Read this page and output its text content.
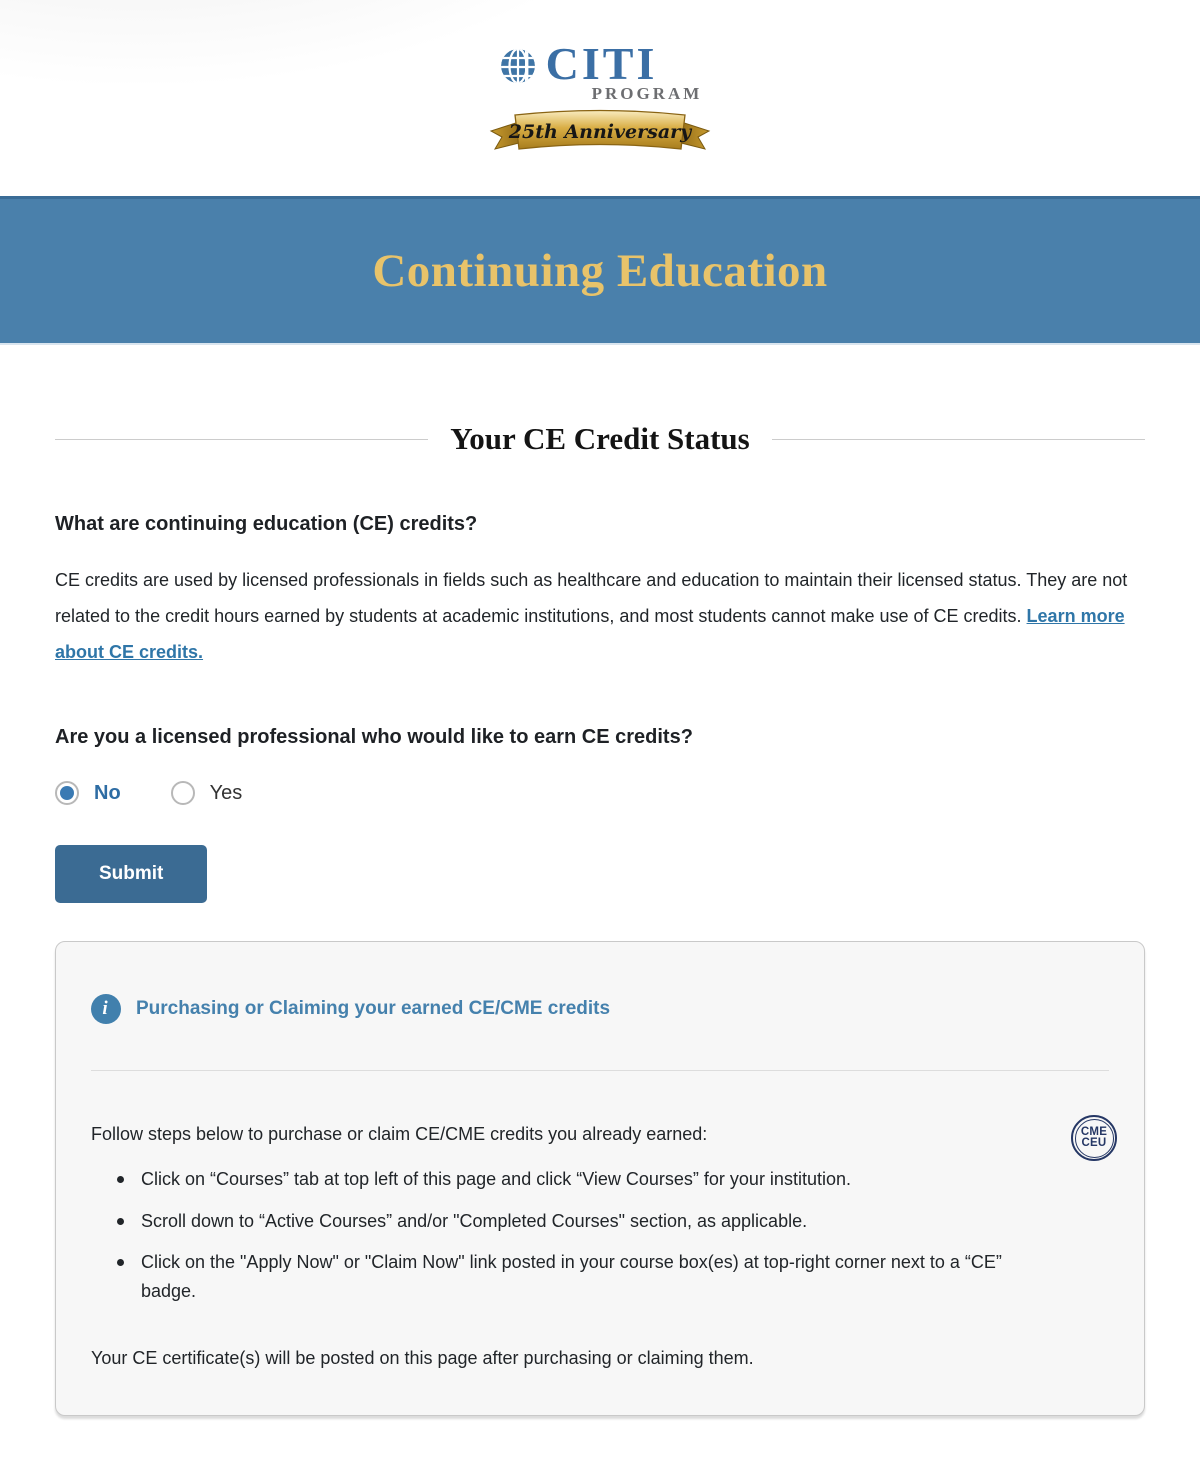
CITI
PROGRAM
25th Anniversary
Continuing Education
Your CE Credit Status
What are continuing education (CE) credits?

CE credits are used by licensed professionals in fields such as healthcare and education to maintain their licensed status. They are not related to the credit hours earned by students at academic institutions, and most students cannot make use of CE credits. Learn more about CE credits.

Are you a licensed professional who would like to earn CE credits?
No	Yes
Submit
i	Purchasing or Claiming your earned CE/CME credits
Follow steps below to purchase or claim CE/CME credits you already earned:	CME
CEU
Click on “Courses” tab at top left of this page and click “View Courses” for your institution.
Scroll down to “Active Courses” and/or "Completed Courses" section, as applicable.
Click on the "Apply Now" or "Claim Now" link posted in your course box(es) at top-right corner next to a “CE” badge.
Your CE certificate(s) will be posted on this page after purchasing or claiming them.
